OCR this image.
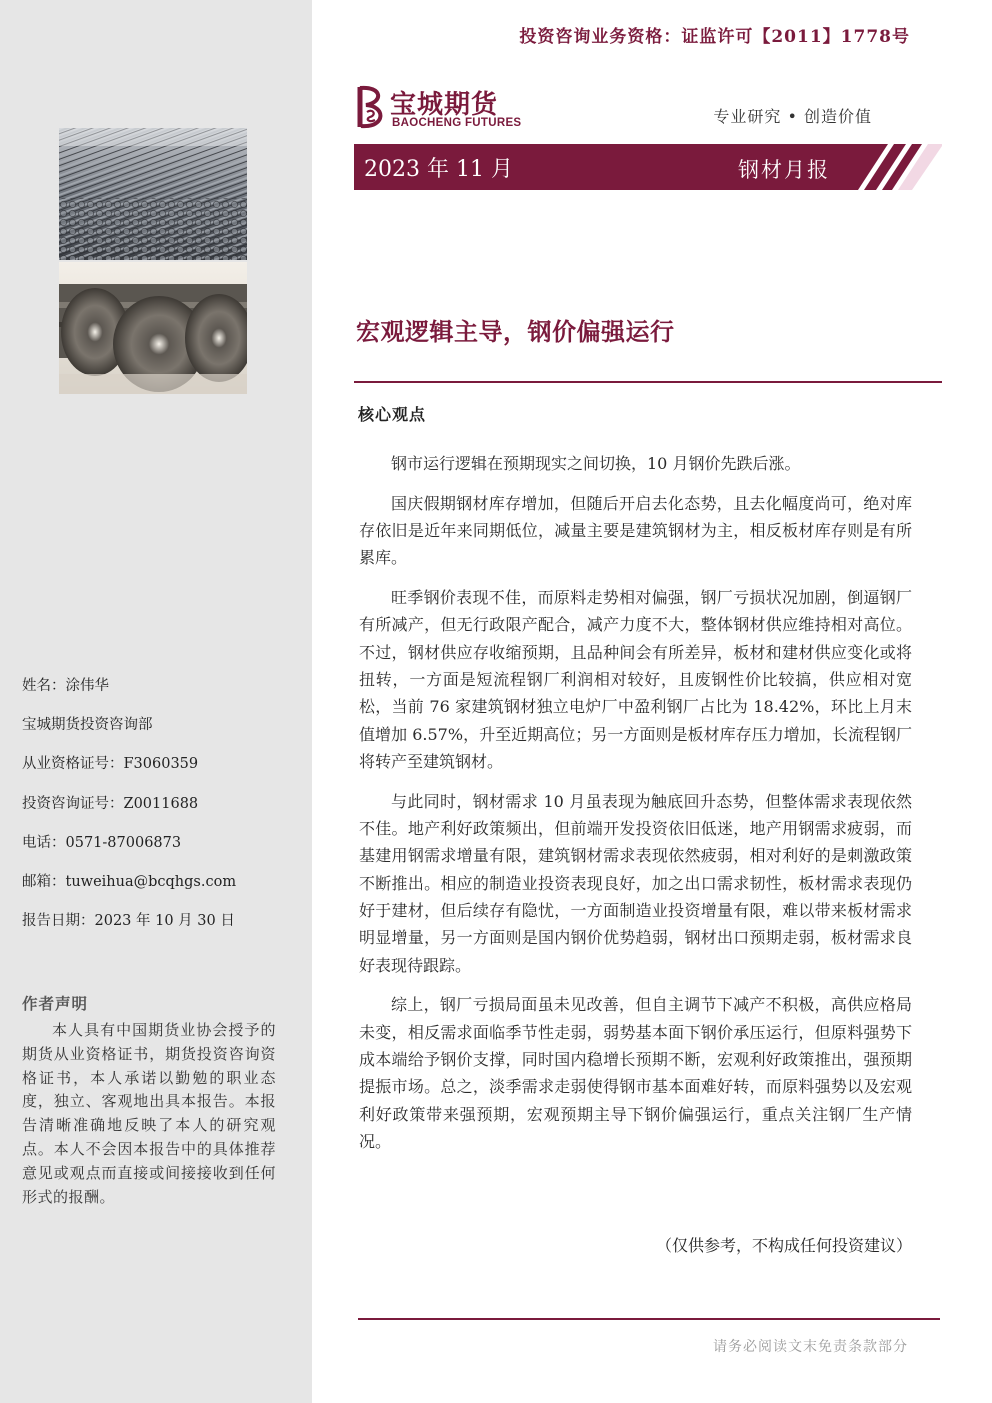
投资咨询业务资格：证监许可【2011】1778号
宝城期货
BAOCHENG FUTURES	专业研究 • 创造价值
2023 年 11 月	钢材月报
宏观逻辑主导，钢价偏强运行
核心观点

钢市运行逻辑在预期现实之间切换，10 月钢价先跌后涨。

国庆假期钢材库存增加，但随后开启去化态势，且去化幅度尚可，绝对库存依旧是近年来同期低位，减量主要是建筑钢材为主，相反板材库存则是有所累库。

旺季钢价表现不佳，而原料走势相对偏强，钢厂亏损状况加剧，倒逼钢厂有所减产，但无行政限产配合，减产力度不大，整体钢材供应维持相对高位。不过，钢材供应存收缩预期，且品种间会有所差异，板材和建材供应变化或将扭转，一方面是短流程钢厂利润相对较好，且废钢性价比较搞，供应相对宽松，当前 76 家建筑钢材独立电炉厂中盈利钢厂占比为 18.42%，环比上月末值增加 6.57%，升至近期高位；另一方面则是板材库存压力增加，长流程钢厂将转产至建筑钢材。

与此同时，钢材需求 10 月虽表现为触底回升态势，但整体需求表现依然不佳。地产利好政策频出，但前端开发投资依旧低迷，地产用钢需求疲弱，而基建用钢需求增量有限，建筑钢材需求表现依然疲弱，相对利好的是刺激政策不断推出。相应的制造业投资表现良好，加之出口需求韧性，板材需求表现仍好于建材，但后续存有隐忧，一方面制造业投资增量有限，难以带来板材需求明显增量，另一方面则是国内钢价优势趋弱，钢材出口预期走弱，板材需求良好表现待跟踪。

综上，钢厂亏损局面虽未见改善，但自主调节下减产不积极，高供应格局未变，相反需求面临季节性走弱，弱势基本面下钢价承压运行，但原料强势下成本端给予钢价支撑，同时国内稳增长预期不断，宏观利好政策推出，强预期提振市场。总之，淡季需求走弱使得钢市基本面难好转，而原料强势以及宏观利好政策带来强预期，宏观预期主导下钢价偏强运行，重点关注钢厂生产情况。

（仅供参考，不构成任何投资建议）
请务必阅读文末免责条款部分
姓名：涂伟华
宝城期货投资咨询部
从业资格证号：F3060359
投资咨询证号：Z0011688
电话：0571-87006873
邮箱：tuweihua@bcqhgs.com
报告日期：2023 年 10 月 30 日
作者声明
本人具有中国期货业协会授予的期货从业资格证书，期货投资咨询资格证书，本人承诺以勤勉的职业态度，独立、客观地出具本报告。本报告清晰准确地反映了本人的研究观点。本人不会因本报告中的具体推荐意见或观点而直接或间接接收到任何形式的报酬。
